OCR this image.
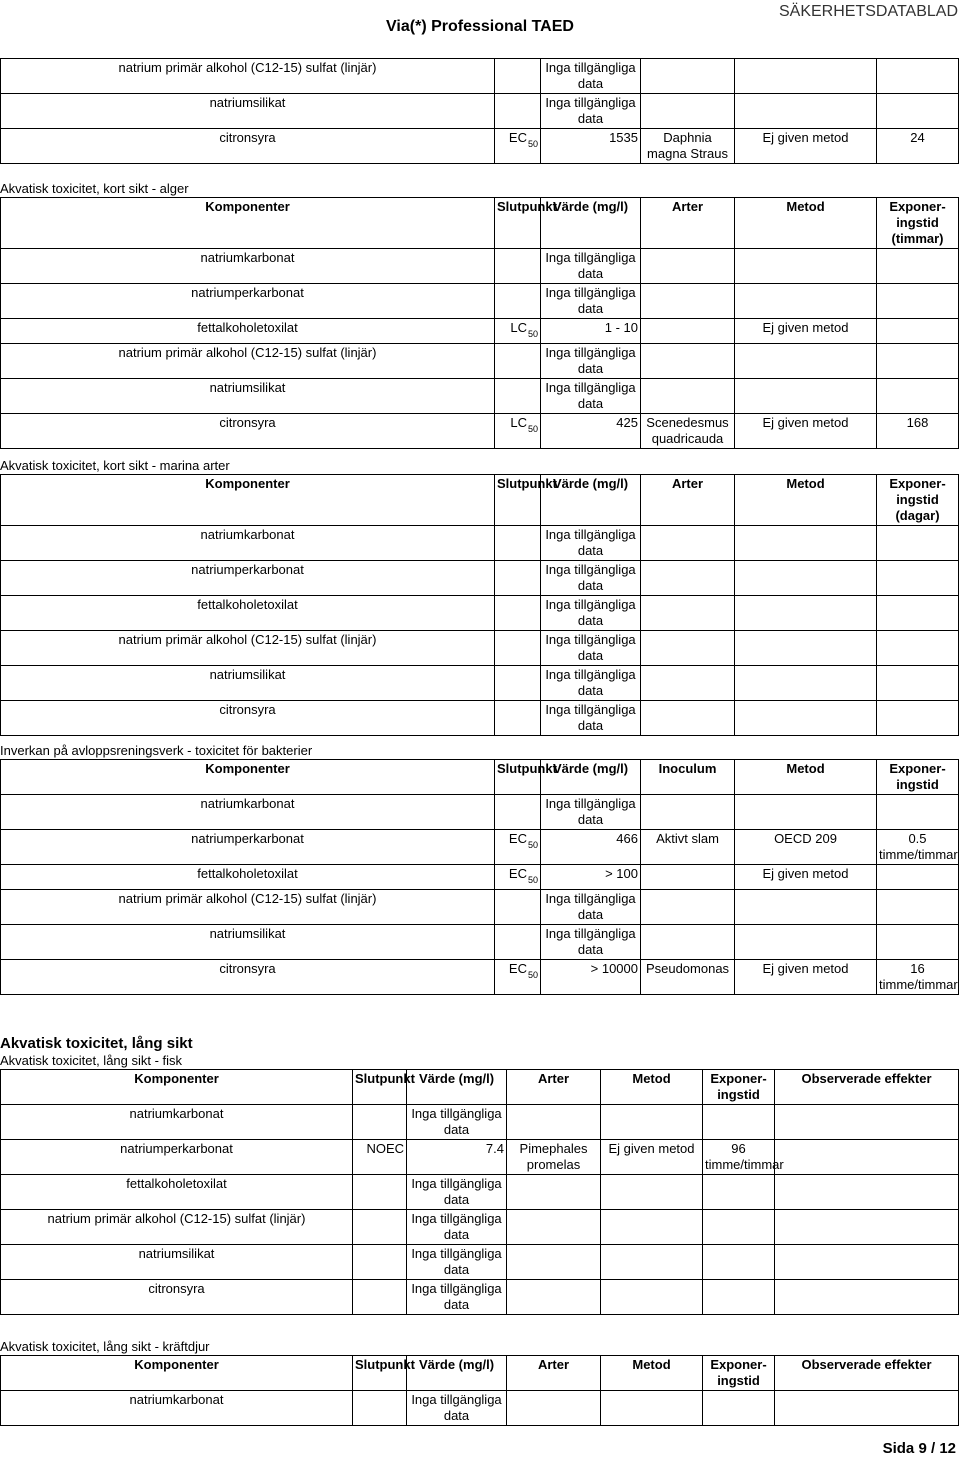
Via(*) Professional TAED
SÄKERHETSDATABLAD
natrium primär alkohol (C12-15) sulfat (linjär)		Inga tillgängliga data			
natriumsilikat		Inga tillgängliga data			
citronsyra	$EC_{50}$	1535	Daphnia magna Straus	Ej given metod	24
Akvatisk toxicitet, kort sikt - alger
Komponenter	Slutpunkt	Värde (mg/l)	Arter	Metod	Exponer-ingstid (timmar)
natriumkarbonat		Inga tillgängliga data			
natriumperkarbonat		Inga tillgängliga data			
fettalkoholetoxilat	$LC_{50}$	1 - 10		Ej given metod	
natrium primär alkohol (C12-15) sulfat (linjär)		Inga tillgängliga data			
natriumsilikat		Inga tillgängliga data			
citronsyra	$LC_{50}$	425	Scenedesmus quadricauda	Ej given metod	168
Akvatisk toxicitet, kort sikt - marina arter
Komponenter	Slutpunkt	Värde (mg/l)	Arter	Metod	Exponer-ingstid (dagar)
natriumkarbonat		Inga tillgängliga data			
natriumperkarbonat		Inga tillgängliga data			
fettalkoholetoxilat		Inga tillgängliga data			
natrium primär alkohol (C12-15) sulfat (linjär)		Inga tillgängliga data			
natriumsilikat		Inga tillgängliga data			
citronsyra		Inga tillgängliga data			
Inverkan på avloppsreningsverk - toxicitet för bakterier
Komponenter	Slutpunkt	Värde (mg/l)	Inoculum	Metod	Exponer-ingstid
natriumkarbonat		Inga tillgängliga data			
natriumperkarbonat	$EC_{50}$	466	Aktivt slam	OECD 209	0.5 timme/timmar
fettalkoholetoxilat	$EC_{50}$	> 100		Ej given metod	
natrium primär alkohol (C12-15) sulfat (linjär)		Inga tillgängliga data			
natriumsilikat		Inga tillgängliga data			
citronsyra	$EC_{50}$	> 10000	Pseudomonas	Ej given metod	16 timme/timmar
Akvatisk toxicitet, lång sikt
Akvatisk toxicitet, lång sikt - fisk
Komponenter	Slutpunkt	Värde (mg/l)	Arter	Metod	Exponer-ingstid	Observerade effekter
natriumkarbonat		Inga tillgängliga data				
natriumperkarbonat	NOEC	7.4	Pimephales promelas	Ej given metod	96 timme/timmar	
fettalkoholetoxilat		Inga tillgängliga data				
natrium primär alkohol (C12-15) sulfat (linjär)		Inga tillgängliga data				
natriumsilikat		Inga tillgängliga data				
citronsyra		Inga tillgängliga data				
Akvatisk toxicitet, lång sikt - kräftdjur
Komponenter	Slutpunkt	Värde (mg/l)	Arter	Metod	Exponer-ingstid	Observerade effekter
natriumkarbonat		Inga tillgängliga data				
Sida 9 / 12
